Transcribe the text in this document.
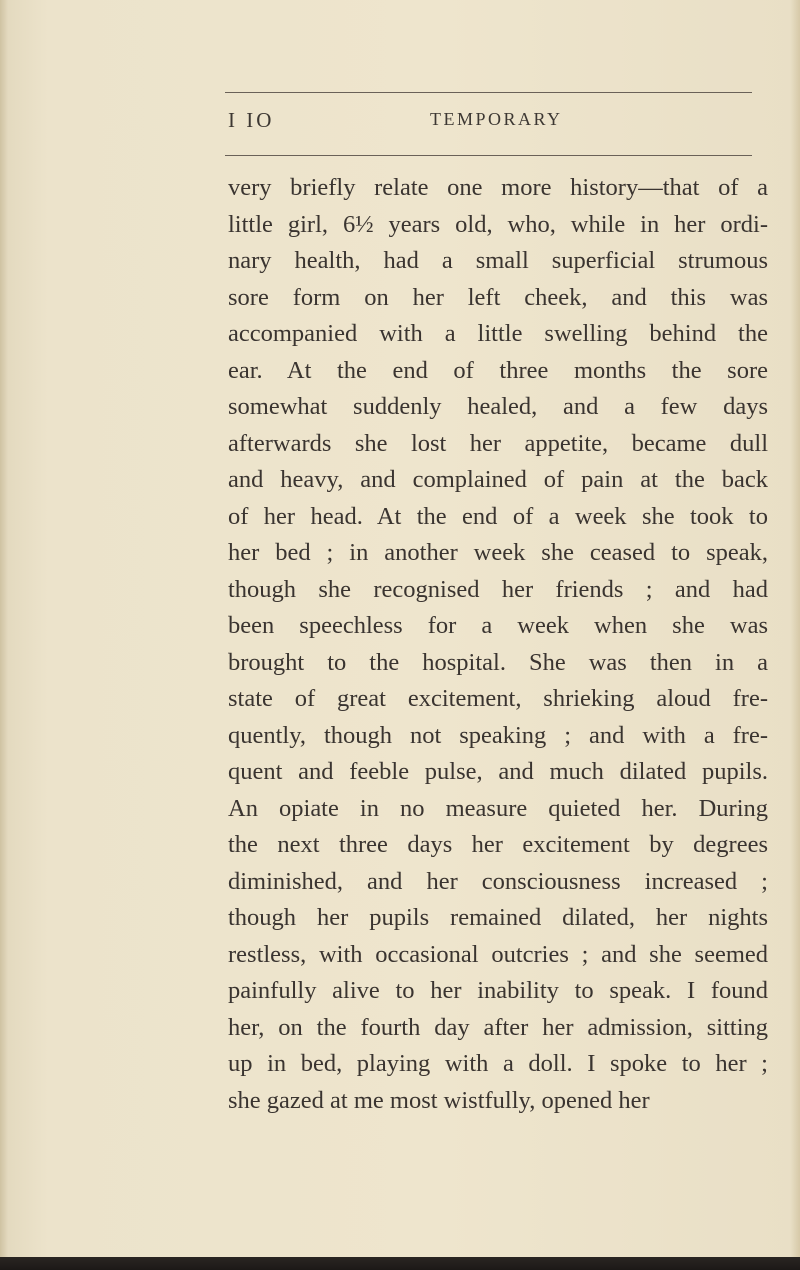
I IO	TEMPORARY
very briefly relate one more history—that of a
little girl, 6½ years old, who, while in her ordi-
nary health, had a small superficial strumous
sore form on her left cheek, and this was
accompanied with a little swelling behind the
ear. At the end of three months the sore
somewhat suddenly healed, and a few days
afterwards she lost her appetite, became dull
and heavy, and complained of pain at the back
of her head. At the end of a week she took to
her bed ; in another week she ceased to speak,
though she recognised her friends ; and had
been speechless for a week when she was
brought to the hospital. She was then in a
state of great excitement, shrieking aloud fre-
quently, though not speaking ; and with a fre-
quent and feeble pulse, and much dilated pupils.
An opiate in no measure quieted her. During
the next three days her excitement by degrees
diminished, and her consciousness increased ;
though her pupils remained dilated, her nights
restless, with occasional outcries ; and she seemed
painfully alive to her inability to speak. I found
her, on the fourth day after her admission, sitting
up in bed, playing with a doll. I spoke to her ;
she gazed at me most wistfully, opened her
